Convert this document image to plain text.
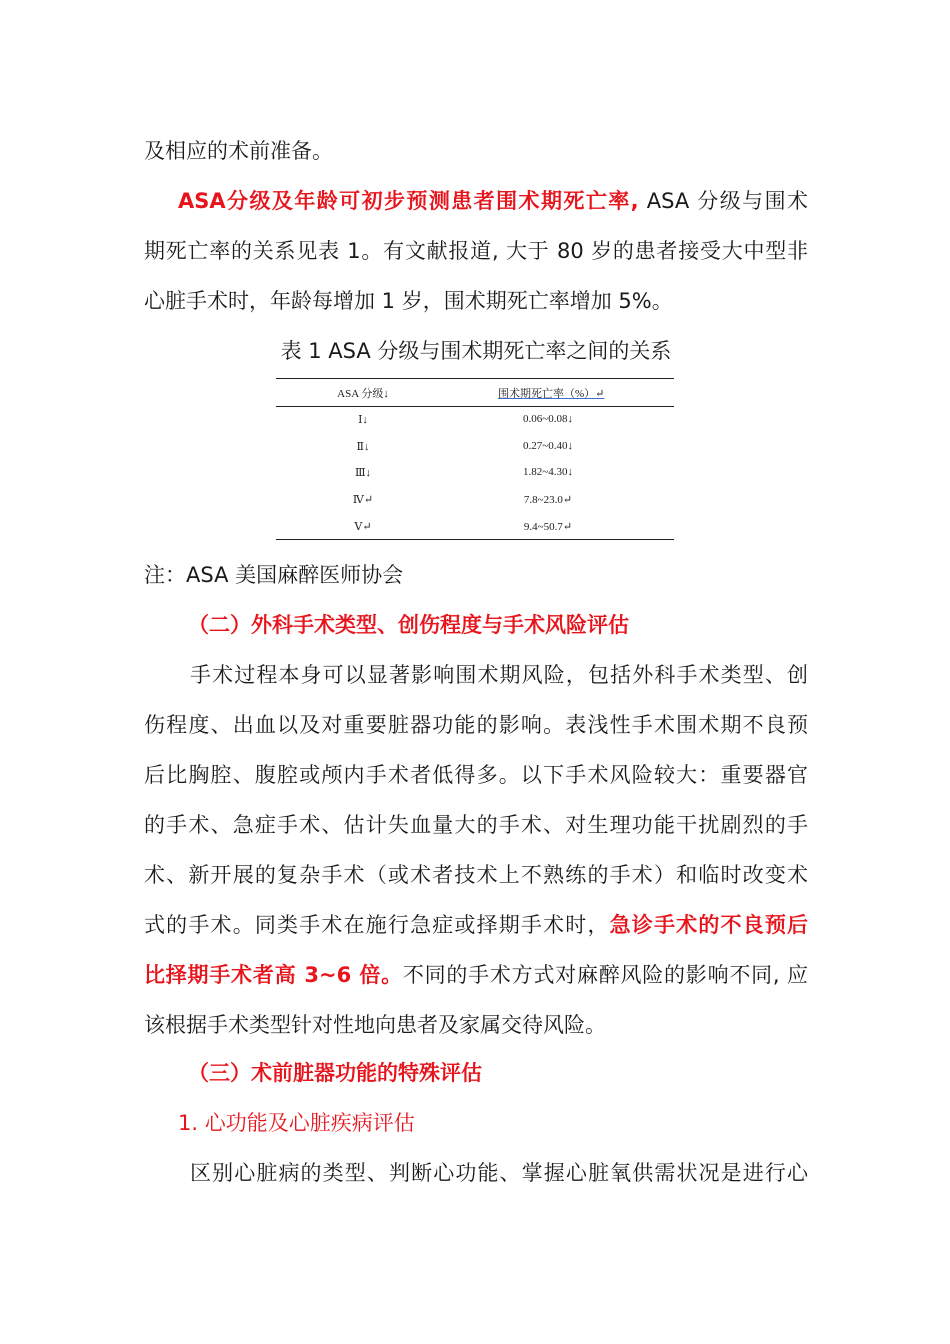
及相应的术前准备。
ASA分级及年龄可初步预测患者围术期死亡率, ASA 分级与围术
期死亡率的关系见表 1。有文献报道, 大于 80 岁的患者接受大中型非
心脏手术时，年龄每增加 1 岁，围术期死亡率增加 5%。
表 1 ASA 分级与围术期死亡率之间的关系
ASA 分级↓	围术期死亡率（%）↵
Ⅰ↓	0.06~0.08↓
Ⅱ↓	0.27~0.40↓
Ⅲ↓	1.82~4.30↓
Ⅳ↵	7.8~23.0↵
Ⅴ↵	9.4~50.7↵
注：ASA 美国麻醉医师协会
（二）外科手术类型、创伤程度与手术风险评估
手术过程本身可以显著影响围术期风险，包括外科手术类型、创
伤程度、出血以及对重要脏器功能的影响。表浅性手术围术期不良预
后比胸腔、腹腔或颅内手术者低得多。以下手术风险较大：重要器官
的手术、急症手术、估计失血量大的手术、对生理功能干扰剧烈的手
术、新开展的复杂手术（或术者技术上不熟练的手术）和临时改变术
式的手术。同类手术在施行急症或择期手术时，急诊手术的不良预后
比择期手术者高 3~6 倍。不同的手术方式对麻醉风险的影响不同, 应
该根据手术类型针对性地向患者及家属交待风险。
（三）术前脏器功能的特殊评估
1. 心功能及心脏疾病评估
区别心脏病的类型、判断心功能、掌握心脏氧供需状况是进行心
